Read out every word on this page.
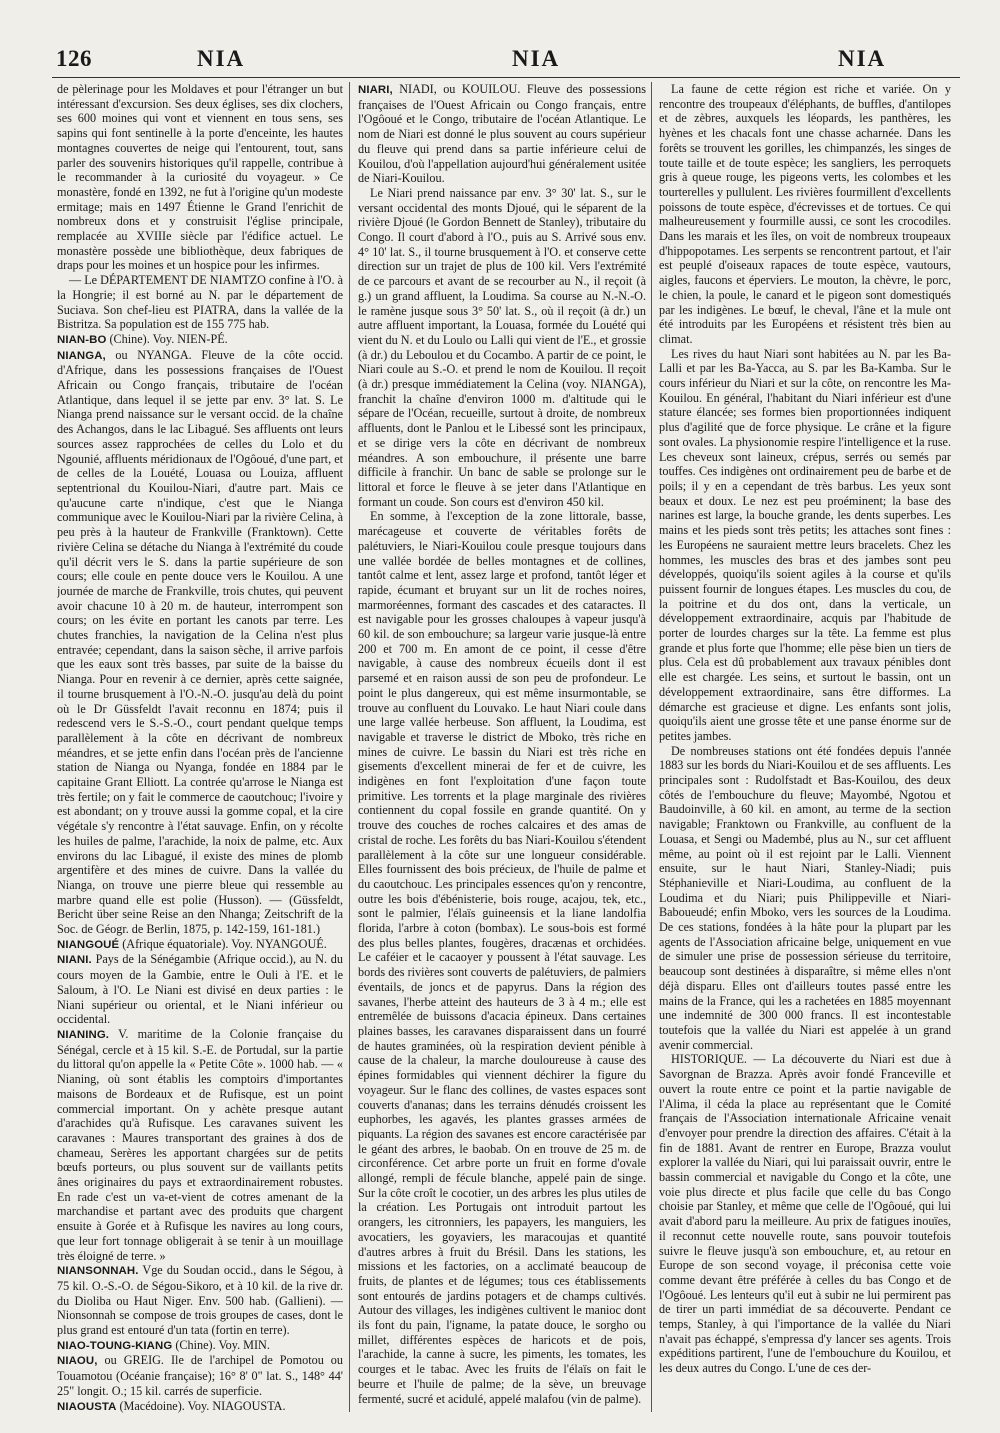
126	NIA	NIA	NIA

de pèlerinage pour les Moldaves et pour l'étranger un but intéressant d'excursion. Ses deux églises, ses dix clochers, ses 600 moines qui vont et viennent en tous sens, ses sapins qui font sentinelle à la porte d'enceinte, les hautes montagnes couvertes de neige qui l'entourent, tout, sans parler des souvenirs historiques qu'il rappelle, contribue à le recommander à la curiosité du voyageur. » Ce monastère, fondé en 1392, ne fut à l'origine qu'un modeste ermitage; mais en 1497 Étienne le Grand l'enrichit de nombreux dons et y construisit l'église principale, remplacée au XVIIIe siècle par l'édifice actuel. Le monastère possède une bibliothèque, deux fabriques de draps pour les moines et un hospice pour les infirmes.

— Le DÉPARTEMENT DE NIAMTZO confine à l'O. à la Hongrie; il est borné au N. par le département de Suciava. Son chef-lieu est PIATRA, dans la vallée de la Bistritza. Sa population est de 155 775 hab.

NIAN-BO (Chine). Voy. NIEN-PÉ.

NIANGA, ou NYANGA. Fleuve de la côte occid. d'Afrique, dans les possessions françaises de l'Ouest Africain ou Congo français, tributaire de l'océan Atlantique, dans lequel il se jette par env. 3° lat. S. Le Nianga prend naissance sur le versant occid. de la chaîne des Achangos, dans le lac Libagué. Ses affluents ont leurs sources assez rapprochées de celles du Lolo et du Ngounié, affluents méridionaux de l'Ogôoué, d'une part, et de celles de la Louété, Louasa ou Louiza, affluent septentrional du Kouilou-Niari, d'autre part. Mais ce qu'aucune carte n'indique, c'est que le Nianga communique avec le Kouilou-Niari par la rivière Celina, à peu près à la hauteur de Frankville (Franktown). Cette rivière Celina se détache du Nianga à l'extrémité du coude qu'il décrit vers le S. dans la partie supérieure de son cours; elle coule en pente douce vers le Kouilou. A une journée de marche de Frankville, trois chutes, qui peuvent avoir chacune 10 à 20 m. de hauteur, interrompent son cours; on les évite en portant les canots par terre. Les chutes franchies, la navigation de la Celina n'est plus entravée; cependant, dans la saison sèche, il arrive parfois que les eaux sont très basses, par suite de la baisse du Nianga. Pour en revenir à ce dernier, après cette saignée, il tourne brusquement à l'O.-N.-O. jusqu'au delà du point où le Dr Güssfeldt l'avait reconnu en 1874; puis il redescend vers le S.-S.-O., court pendant quelque temps parallèlement à la côte en décrivant de nombreux méandres, et se jette enfin dans l'océan près de l'ancienne station de Nianga ou Nyanga, fondée en 1884 par le capitaine Grant Elliott. La contrée qu'arrose le Nianga est très fertile; on y fait le commerce de caoutchouc; l'ivoire y est abondant; on y trouve aussi la gomme copal, et la cire végétale s'y rencontre à l'état sauvage. Enfin, on y récolte les huiles de palme, l'arachide, la noix de palme, etc. Aux environs du lac Libagué, il existe des mines de plomb argentifère et des mines de cuivre. Dans la vallée du Nianga, on trouve une pierre bleue qui ressemble au marbre quand elle est polie (Husson). — (Güssfeldt, Bericht über seine Reise an den Nhanga; Zeitschrift de la Soc. de Géogr. de Berlin, 1875, p. 142-159, 161-181.)

NIANGOUÉ (Afrique équatoriale). Voy. NYANGOUÉ.

NIANI. Pays de la Sénégambie (Afrique occid.), au N. du cours moyen de la Gambie, entre le Ouli à l'E. et le Saloum, à l'O. Le Niani est divisé en deux parties : le Niani supérieur ou oriental, et le Niani inférieur ou occidental.

NIANING. V. maritime de la Colonie française du Sénégal, cercle et à 15 kil. S.-E. de Portudal, sur la partie du littoral qu'on appelle la « Petite Côte ». 1000 hab. — « Nianing, où sont établis les comptoirs d'importantes maisons de Bordeaux et de Rufisque, est un point commercial important. On y achète presque autant d'arachides qu'à Rufisque. Les caravanes suivent les caravanes : Maures transportant des graines à dos de chameau, Serères les apportant chargées sur de petits bœufs porteurs, ou plus souvent sur de vaillants petits ânes originaires du pays et extraordinairement robustes. En rade c'est un va-et-vient de cotres amenant de la marchandise et partant avec des produits que chargent ensuite à Gorée et à Rufisque les navires au long cours, que leur fort tonnage obligerait à se tenir à un mouillage très éloigné de terre. »

NIANSONNAH. Vge du Soudan occid., dans le Ségou, à 75 kil. O.-S.-O. de Ségou-Sikoro, et à 10 kil. de la rive dr. du Dioliba ou Haut Niger. Env. 500 hab. (Gallieni). — Nionsonnah se compose de trois groupes de cases, dont le plus grand est entouré d'un tata (fortin en terre).

NIAO-TOUNG-KIANG (Chine). Voy. MIN.

NIAOU, ou GREIG. Ile de l'archipel de Pomotou ou Touamotou (Océanie française); 16° 8' 0" lat. S., 148° 44' 25" longit. O.; 15 kil. carrés de superficie.

NIAOUSTA (Macédoine). Voy. NIAGOUSTA.

NIARI, NIADI, ou KOUILOU. Fleuve des possessions françaises de l'Ouest Africain ou Congo français, entre l'Ogôoué et le Congo, tributaire de l'océan Atlantique. Le nom de Niari est donné le plus souvent au cours supérieur du fleuve qui prend dans sa partie inférieure celui de Kouilou, d'où l'appellation aujourd'hui généralement usitée de Niari-Kouilou.

Le Niari prend naissance par env. 3° 30' lat. S., sur le versant occidental des monts Djoué, qui le séparent de la rivière Djoué (le Gordon Bennett de Stanley), tributaire du Congo. Il court d'abord à l'O., puis au S. Arrivé sous env. 4° 10' lat. S., il tourne brusquement à l'O. et conserve cette direction sur un trajet de plus de 100 kil. Vers l'extrémité de ce parcours et avant de se recourber au N., il reçoit (à g.) un grand affluent, la Loudima. Sa course au N.-N.-O. le ramène jusque sous 3° 50' lat. S., où il reçoit (à dr.) un autre affluent important, la Louasa, formée du Louété qui vient du N. et du Loulo ou Lalli qui vient de l'E., et grossie (à dr.) du Leboulou et du Cocambo. A partir de ce point, le Niari coule au S.-O. et prend le nom de Kouilou. Il reçoit (à dr.) presque immédiatement la Celina (voy. NIANGA), franchit la chaîne d'environ 1000 m. d'altitude qui le sépare de l'Océan, recueille, surtout à droite, de nombreux affluents, dont le Panlou et le Libessé sont les principaux, et se dirige vers la côte en décrivant de nombreux méandres. A son embouchure, il présente une barre difficile à franchir. Un banc de sable se prolonge sur le littoral et force le fleuve à se jeter dans l'Atlantique en formant un coude. Son cours est d'environ 450 kil.

En somme, à l'exception de la zone littorale, basse, marécageuse et couverte de véritables forêts de palétuviers, le Niari-Kouilou coule presque toujours dans une vallée bordée de belles montagnes et de collines, tantôt calme et lent, assez large et profond, tantôt léger et rapide, écumant et bruyant sur un lit de roches noires, marmoréennes, formant des cascades et des cataractes. Il est navigable pour les grosses chaloupes à vapeur jusqu'à 60 kil. de son embouchure; sa largeur varie jusque-là entre 200 et 700 m. En amont de ce point, il cesse d'être navigable, à cause des nombreux écueils dont il est parsemé et en raison aussi de son peu de profondeur. Le point le plus dangereux, qui est même insurmontable, se trouve au confluent du Louvako. Le haut Niari coule dans une large vallée herbeuse. Son affluent, la Loudima, est navigable et traverse le district de Mboko, très riche en mines de cuivre. Le bassin du Niari est très riche en gisements d'excellent minerai de fer et de cuivre, les indigènes en font l'exploitation d'une façon toute primitive. Les torrents et la plage marginale des rivières contiennent du copal fossile en grande quantité. On y trouve des couches de roches calcaires et des amas de cristal de roche. Les forêts du bas Niari-Kouilou s'étendent parallèlement à la côte sur une longueur considérable. Elles fournissent des bois précieux, de l'huile de palme et du caoutchouc. Les principales essences qu'on y rencontre, outre les bois d'ébénisterie, bois rouge, acajou, tek, etc., sont le palmier, l'élaïs guineensis et la liane landolfia florida, l'arbre à coton (bombax). Le sous-bois est formé des plus belles plantes, fougères, dracænas et orchidées. Le caféier et le cacaoyer y poussent à l'état sauvage. Les bords des rivières sont couverts de palétuviers, de palmiers éventails, de joncs et de papyrus. Dans la région des savanes, l'herbe atteint des hauteurs de 3 à 4 m.; elle est entremêlée de buissons d'acacia épineux. Dans certaines plaines basses, les caravanes disparaissent dans un fourré de hautes graminées, où la respiration devient pénible à cause de la chaleur, la marche douloureuse à cause des épines formidables qui viennent déchirer la figure du voyageur. Sur le flanc des collines, de vastes espaces sont couverts d'ananas; dans les terrains dénudés croissent les euphorbes, les agavés, les plantes grasses armées de piquants. La région des savanes est encore caractérisée par le géant des arbres, le baobab. On en trouve de 25 m. de circonférence. Cet arbre porte un fruit en forme d'ovale allongé, rempli de fécule blanche, appelé pain de singe. Sur la côte croît le cocotier, un des arbres les plus utiles de la création. Les Portugais ont introduit partout les orangers, les citronniers, les papayers, les manguiers, les avocatiers, les goyaviers, les maracoujas et quantité d'autres arbres à fruit du Brésil. Dans les stations, les missions et les factories, on a acclimaté beaucoup de fruits, de plantes et de légumes; tous ces établissements sont entourés de jardins potagers et de champs cultivés. Autour des villages, les indigènes cultivent le manioc dont ils font du pain, l'igname, la patate douce, le sorgho ou millet, différentes espèces de haricots et de pois, l'arachide, la canne à sucre, les piments, les tomates, les courges et le tabac. Avec les fruits de l'élaïs on fait le beurre et l'huile de palme; de la sève, un breuvage fermenté, sucré et acidulé, appelé malafou (vin de palme).

La faune de cette région est riche et variée. On y rencontre des troupeaux d'éléphants, de buffles, d'antilopes et de zèbres, auxquels les léopards, les panthères, les hyènes et les chacals font une chasse acharnée. Dans les forêts se trouvent les gorilles, les chimpanzés, les singes de toute taille et de toute espèce; les sangliers, les perroquets gris à queue rouge, les pigeons verts, les colombes et les tourterelles y pullulent. Les rivières fourmillent d'excellents poissons de toute espèce, d'écrevisses et de tortues. Ce qui malheureusement y fourmille aussi, ce sont les crocodiles. Dans les marais et les îles, on voit de nombreux troupeaux d'hippopotames. Les serpents se rencontrent partout, et l'air est peuplé d'oiseaux rapaces de toute espèce, vautours, aigles, faucons et éperviers. Le mouton, la chèvre, le porc, le chien, la poule, le canard et le pigeon sont domestiqués par les indigènes. Le bœuf, le cheval, l'âne et la mule ont été introduits par les Européens et résistent très bien au climat.

Les rives du haut Niari sont habitées au N. par les Ba-Lalli et par les Ba-Yacca, au S. par les Ba-Kamba. Sur le cours inférieur du Niari et sur la côte, on rencontre les Ma-Kouilou. En général, l'habitant du Niari inférieur est d'une stature élancée; ses formes bien proportionnées indiquent plus d'agilité que de force physique. Le crâne et la figure sont ovales. La physionomie respire l'intelligence et la ruse. Les cheveux sont laineux, crépus, serrés ou semés par touffes. Ces indigènes ont ordinairement peu de barbe et de poils; il y en a cependant de très barbus. Les yeux sont beaux et doux. Le nez est peu proéminent; la base des narines est large, la bouche grande, les dents superbes. Les mains et les pieds sont très petits; les attaches sont fines : les Européens ne sauraient mettre leurs bracelets. Chez les hommes, les muscles des bras et des jambes sont peu développés, quoiqu'ils soient agiles à la course et qu'ils puissent fournir de longues étapes. Les muscles du cou, de la poitrine et du dos ont, dans la verticale, un développement extraordinaire, acquis par l'habitude de porter de lourdes charges sur la tête. La femme est plus grande et plus forte que l'homme; elle pèse bien un tiers de plus. Cela est dû probablement aux travaux pénibles dont elle est chargée. Les seins, et surtout le bassin, ont un développement extraordinaire, sans être difformes. La démarche est gracieuse et digne. Les enfants sont jolis, quoiqu'ils aient une grosse tête et une panse énorme sur de petites jambes.

De nombreuses stations ont été fondées depuis l'année 1883 sur les bords du Niari-Kouilou et de ses affluents. Les principales sont : Rudolfstadt et Bas-Kouilou, des deux côtés de l'embouchure du fleuve; Mayombé, Ngotou et Baudoinville, à 60 kil. en amont, au terme de la section navigable; Franktown ou Frankville, au confluent de la Louasa, et Sengi ou Madembé, plus au N., sur cet affluent même, au point où il est rejoint par le Lalli. Viennent ensuite, sur le haut Niari, Stanley-Niadi; puis Stéphanieville et Niari-Loudima, au confluent de la Loudima et du Niari; puis Philippeville et Niari-Baboueudé; enfin Mboko, vers les sources de la Loudima. De ces stations, fondées à la hâte pour la plupart par les agents de l'Association africaine belge, uniquement en vue de simuler une prise de possession sérieuse du territoire, beaucoup sont destinées à disparaître, si même elles n'ont déjà disparu. Elles ont d'ailleurs toutes passé entre les mains de la France, qui les a rachetées en 1885 moyennant une indemnité de 300 000 francs. Il est incontestable toutefois que la vallée du Niari est appelée à un grand avenir commercial.

HISTORIQUE. — La découverte du Niari est due à Savorgnan de Brazza. Après avoir fondé Franceville et ouvert la route entre ce point et la partie navigable de l'Alima, il céda la place au représentant que le Comité français de l'Association internationale Africaine venait d'envoyer pour prendre la direction des affaires. C'était à la fin de 1881. Avant de rentrer en Europe, Brazza voulut explorer la vallée du Niari, qui lui paraissait ouvrir, entre le bassin commercial et navigable du Congo et la côte, une voie plus directe et plus facile que celle du bas Congo choisie par Stanley, et même que celle de l'Ogôoué, qui lui avait d'abord paru la meilleure. Au prix de fatigues inouïes, il reconnut cette nouvelle route, sans pouvoir toutefois suivre le fleuve jusqu'à son embouchure, et, au retour en Europe de son second voyage, il préconisa cette voie comme devant être préférée à celles du bas Congo et de l'Ogôoué. Les lenteurs qu'il eut à subir ne lui permirent pas de tirer un parti immédiat de sa découverte. Pendant ce temps, Stanley, à qui l'importance de la vallée du Niari n'avait pas échappé, s'empressa d'y lancer ses agents. Trois expéditions partirent, l'une de l'embouchure du Kouilou, et les deux autres du Congo. L'une de ces der-
